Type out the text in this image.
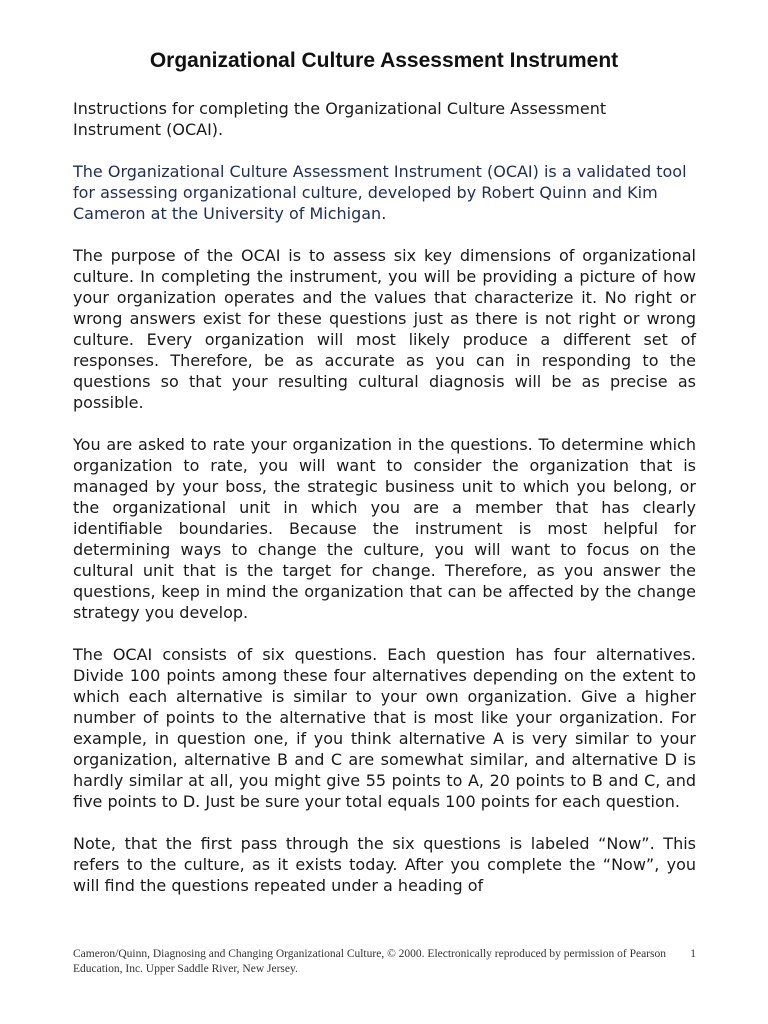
Organizational Culture Assessment Instrument

Instructions for completing the Organizational Culture Assessment Instrument (OCAI).

The Organizational Culture Assessment Instrument (OCAI) is a validated tool for assessing organizational culture, developed by Robert Quinn and Kim Cameron at the University of Michigan.

The purpose of the OCAI is to assess six key dimensions of organizational culture. In completing the instrument, you will be providing a picture of how your organization operates and the values that characterize it. No right or wrong answers exist for these questions just as there is not right or wrong culture. Every organization will most likely produce a different set of responses. Therefore, be as accurate as you can in responding to the questions so that your resulting cultural diagnosis will be as precise as possible.

You are asked to rate your organization in the questions. To determine which organization to rate, you will want to consider the organization that is managed by your boss, the strategic business unit to which you belong, or the organizational unit in which you are a member that has clearly identifiable boundaries. Because the instrument is most helpful for determining ways to change the culture, you will want to focus on the cultural unit that is the target for change. Therefore, as you answer the questions, keep in mind the organization that can be affected by the change strategy you develop.

The OCAI consists of six questions. Each question has four alternatives. Divide 100 points among these four alternatives depending on the extent to which each alternative is similar to your own organization. Give a higher number of points to the alternative that is most like your organization. For example, in question one, if you think alternative A is very similar to your organization, alternative B and C are somewhat similar, and alternative D is hardly similar at all, you might give 55 points to A, 20 points to B and C, and five points to D. Just be sure your total equals 100 points for each question.

Note, that the first pass through the six questions is labeled “Now”. This refers to the culture, as it exists today. After you complete the “Now”, you will find the questions repeated under a heading of

Cameron/Quinn, Diagnosing and Changing Organizational Culture, © 2000. Electronically reproduced by permission of Pearson Education, Inc. Upper Saddle River, New Jersey.
1
